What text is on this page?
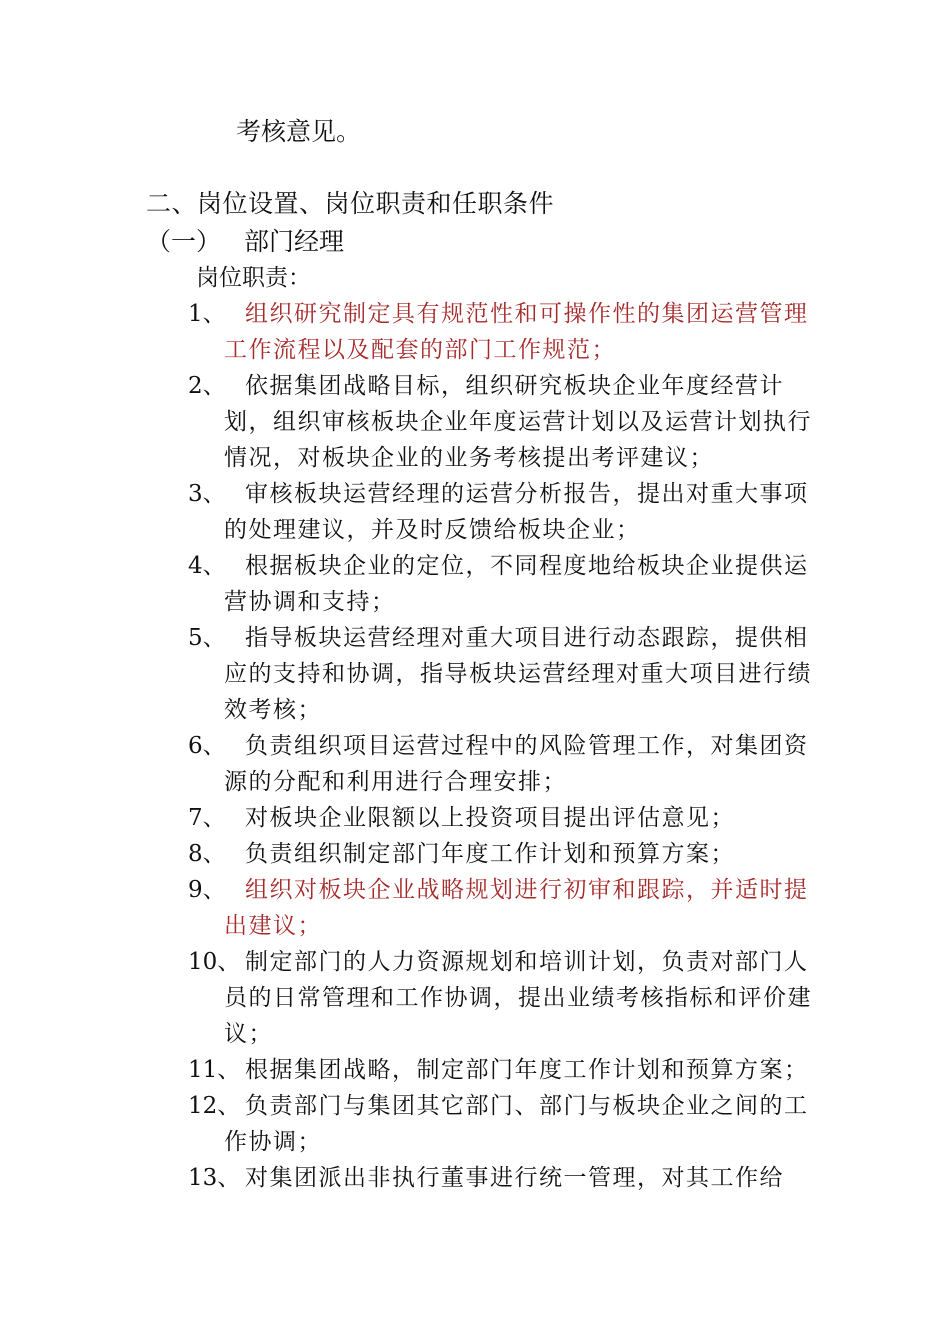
考核意见。
二、岗位设置、岗位职责和任职条件
（一） 部门经理
岗位职责：
1、 组织研究制定具有规范性和可操作性的集团运营管理工作流程以及配套的部门工作规范；
2、 依据集团战略目标，组织研究板块企业年度经营计划，组织审核板块企业年度运营计划以及运营计划执行情况，对板块企业的业务考核提出考评建议；
3、 审核板块运营经理的运营分析报告，提出对重大事项的处理建议，并及时反馈给板块企业；
4、 根据板块企业的定位，不同程度地给板块企业提供运营协调和支持；
5、 指导板块运营经理对重大项目进行动态跟踪，提供相应的支持和协调，指导板块运营经理对重大项目进行绩效考核；
6、 负责组织项目运营过程中的风险管理工作，对集团资源的分配和利用进行合理安排；
7、 对板块企业限额以上投资项目提出评估意见；
8、 负责组织制定部门年度工作计划和预算方案；
9、 组织对板块企业战略规划进行初审和跟踪，并适时提出建议；
10、 制定部门的人力资源规划和培训计划，负责对部门人员的日常管理和工作协调，提出业绩考核指标和评价建议；
11、 根据集团战略，制定部门年度工作计划和预算方案；
12、 负责部门与集团其它部门、部门与板块企业之间的工作协调；
13、 对集团派出非执行董事进行统一管理，对其工作给
